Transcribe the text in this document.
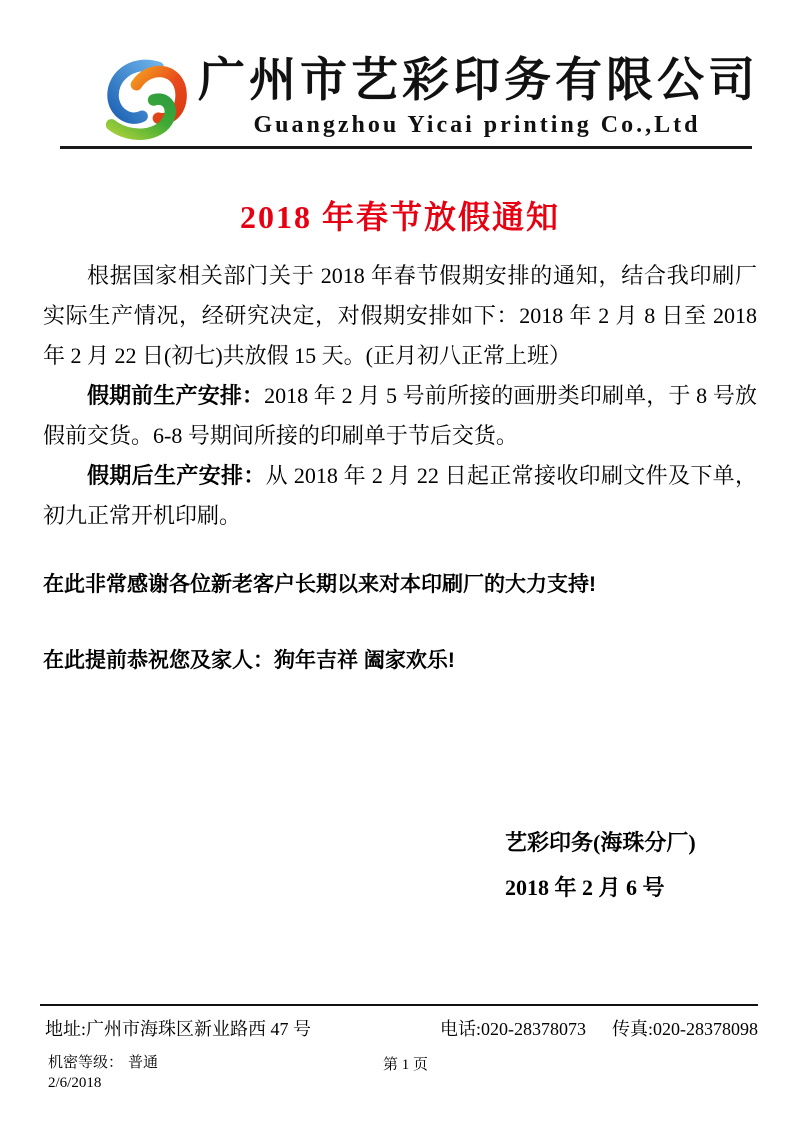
广州市艺彩印务有限公司
Guangzhou Yicai printing Co.,Ltd
2018 年春节放假通知

根据国家相关部门关于 2018 年春节假期安排的通知，结合我印刷厂实际生产情况，经研究决定，对假期安排如下：2018 年 2 月 8 日至 2018 年 2 月 22 日(初七)共放假 15 天。(正月初八正常上班）

假期前生产安排：2018 年 2 月 5 号前所接的画册类印刷单，于 8 号放假前交货。6-8 号期间所接的印刷单于节后交货。

假期后生产安排：从 2018 年 2 月 22 日起正常接收印刷文件及下单，初九正常开机印刷。

在此非常感谢各位新老客户长期以来对本印刷厂的大力支持!
在此提前恭祝您及家人：狗年吉祥 阖家欢乐!
艺彩印务(海珠分厂)
2018 年 2 月 6 号
地址:广州市海珠区新业路西 47 号	电话:020-28378073 传真:020-28378098
机密等级： 普通
2/6/2018
第 1 页
